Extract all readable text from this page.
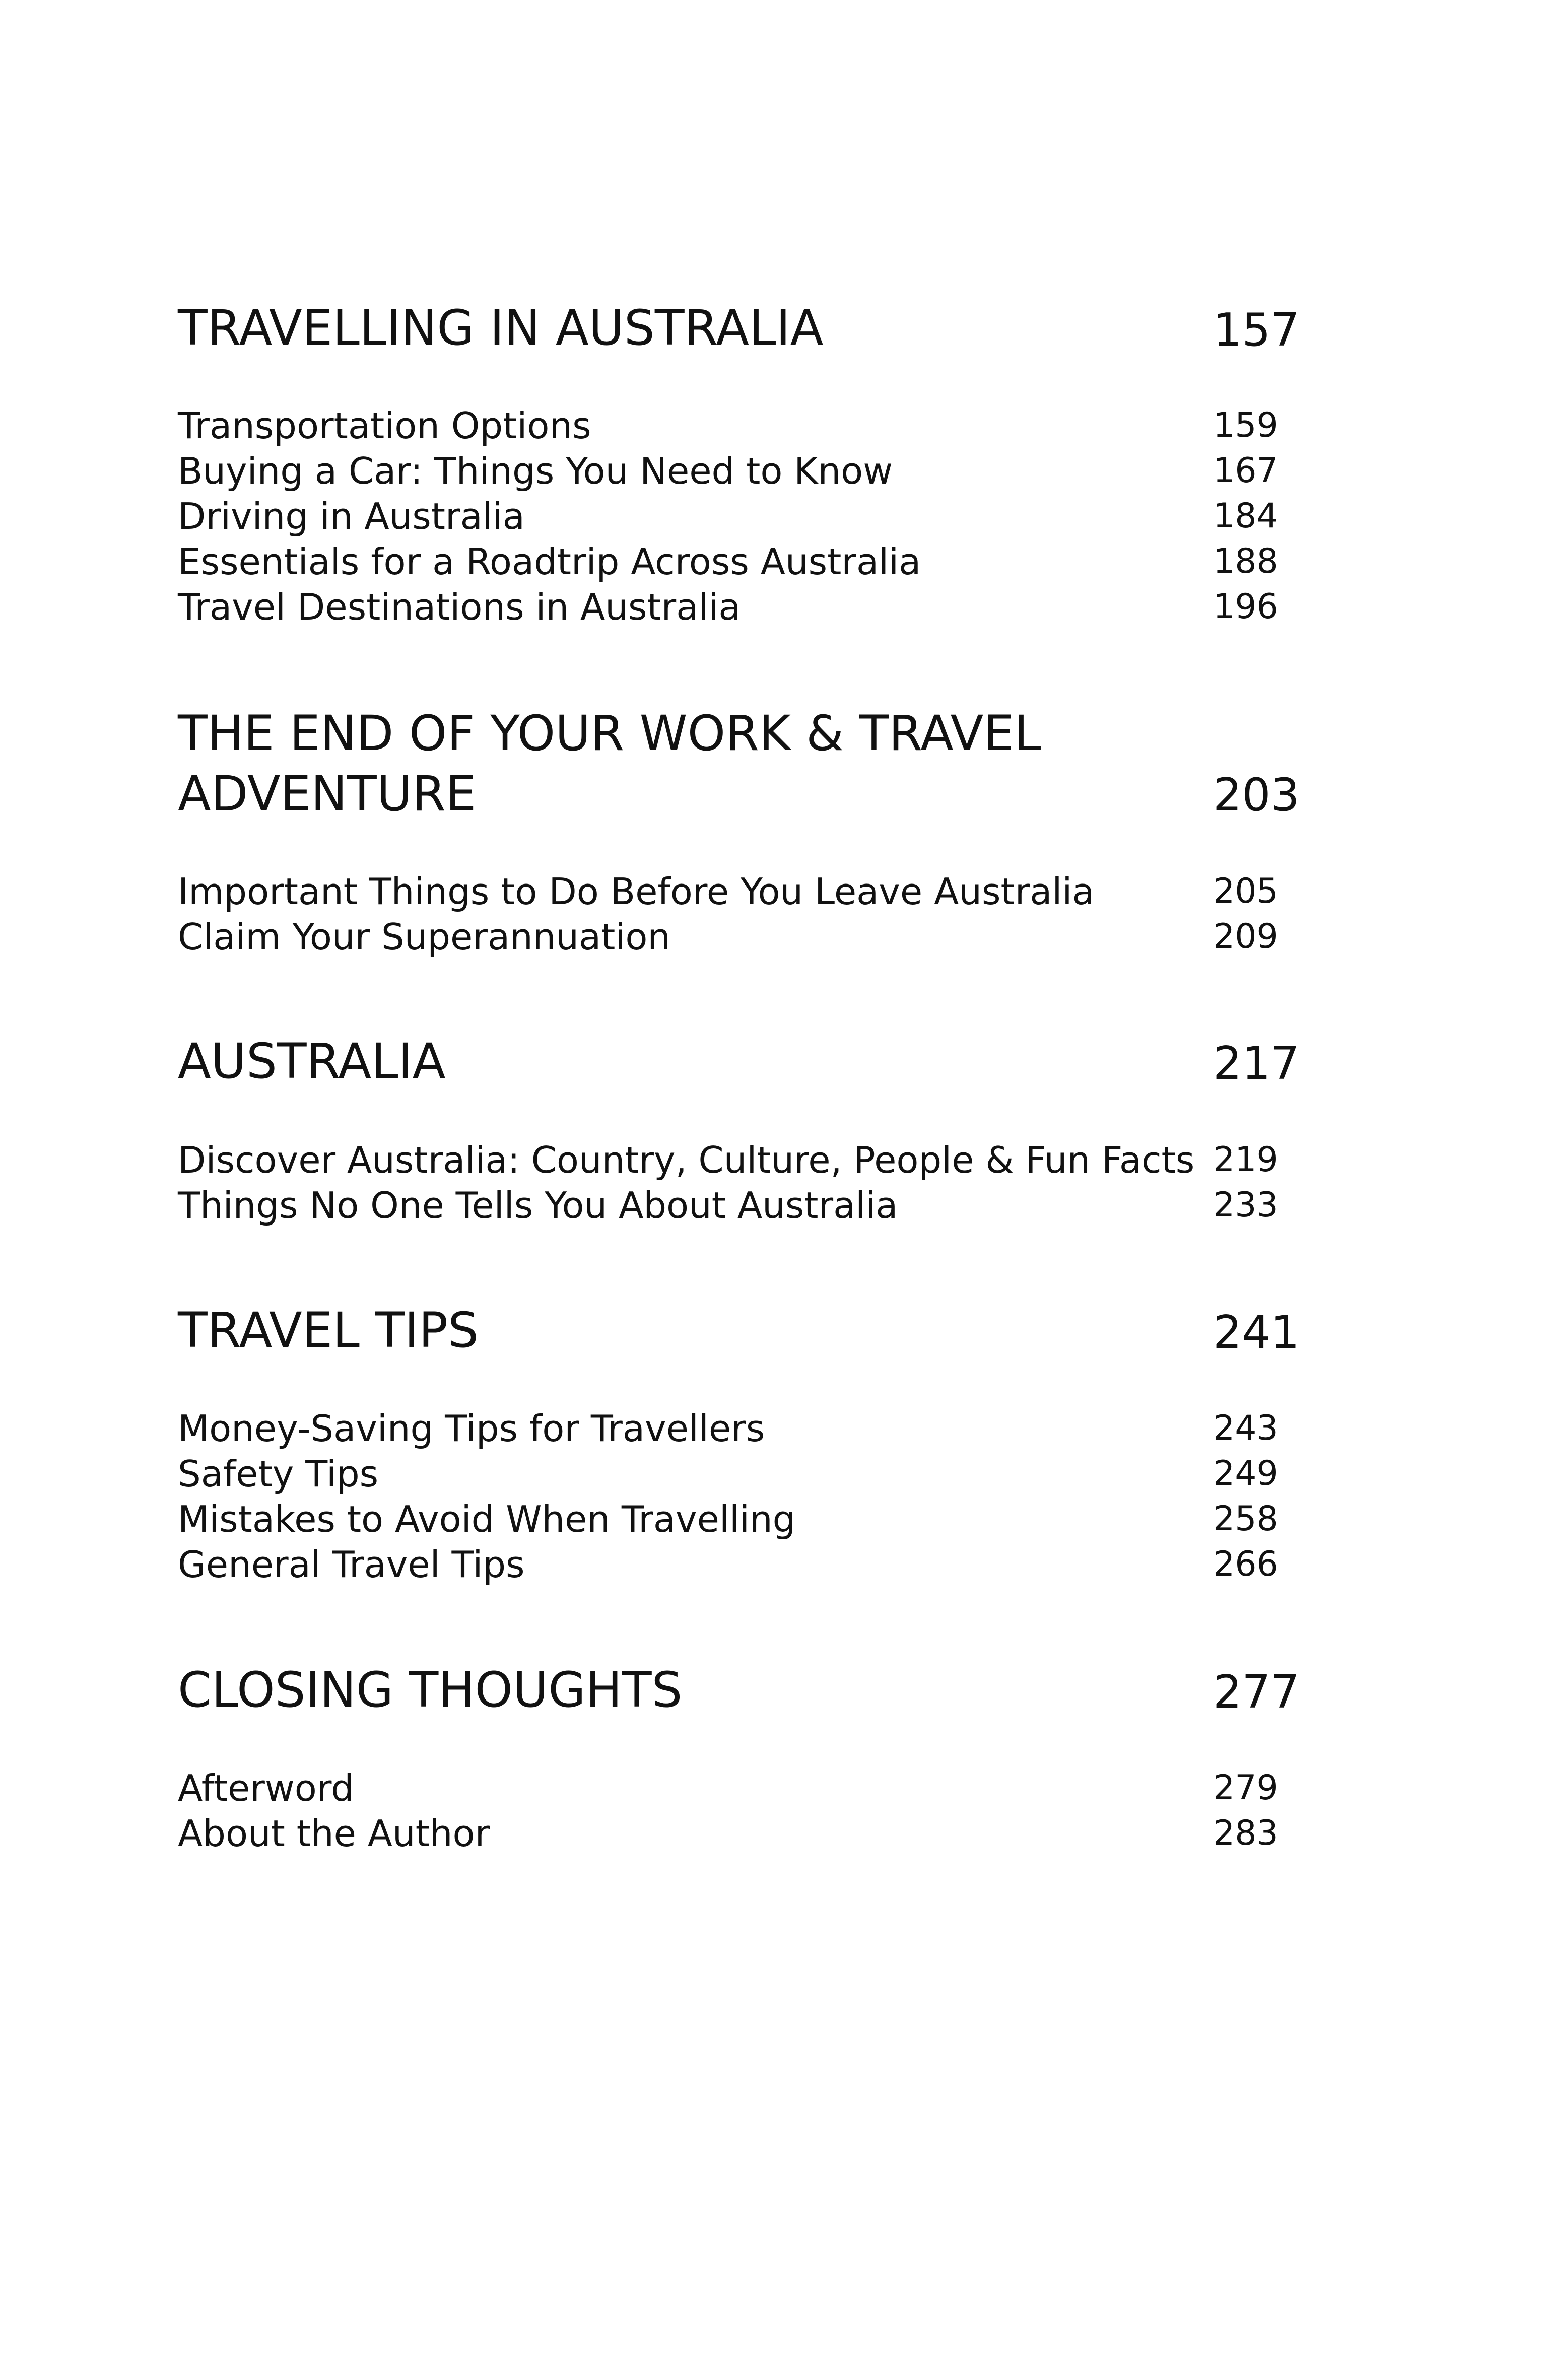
TRAVELLING IN AUSTRALIA	157
Transportation Options	159
Buying a Car: Things You Need to Know	167
Driving in Australia	184
Essentials for a Roadtrip Across Australia	188
Travel Destinations in Australia	196
THE END OF YOUR WORK & TRAVEL
ADVENTURE	203
Important Things to Do Before You Leave Australia	205
Claim Your Superannuation	209
AUSTRALIA	217
Discover Australia: Country, Culture, People & Fun Facts 219
Things No One Tells You About Australia	233
TRAVEL TIPS	241
Money-Saving Tips for Travellers	243
Safety Tips	249
Mistakes to Avoid When Travelling	258
General Travel Tips	266
CLOSING THOUGHTS	277
Afterword	279
About the Author	283
